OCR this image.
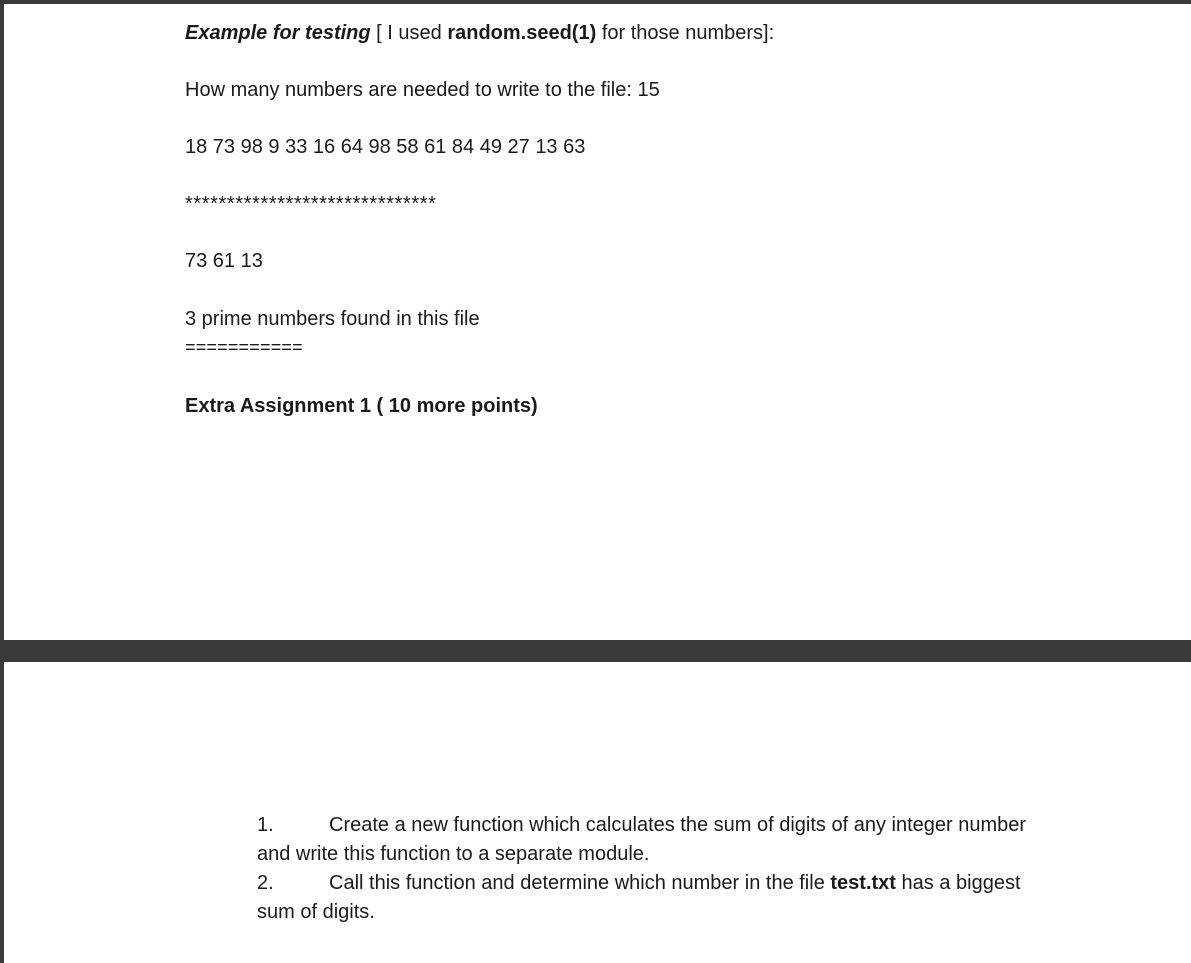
Example for testing [ I used random.seed(1) for those numbers]:
How many numbers are needed to write to the file: 15
18 73 98 9 33 16 64 98 58 61 84 49 27 13 63
******************************
73 61 13
3 prime numbers found in this file
===========
Extra Assignment 1 ( 10 more points)
1.	Create a new function which calculates the sum of digits of any integer number and write this function to a separate module.
2.	Call this function and determine which number in the file test.txt has a biggest sum of digits.
